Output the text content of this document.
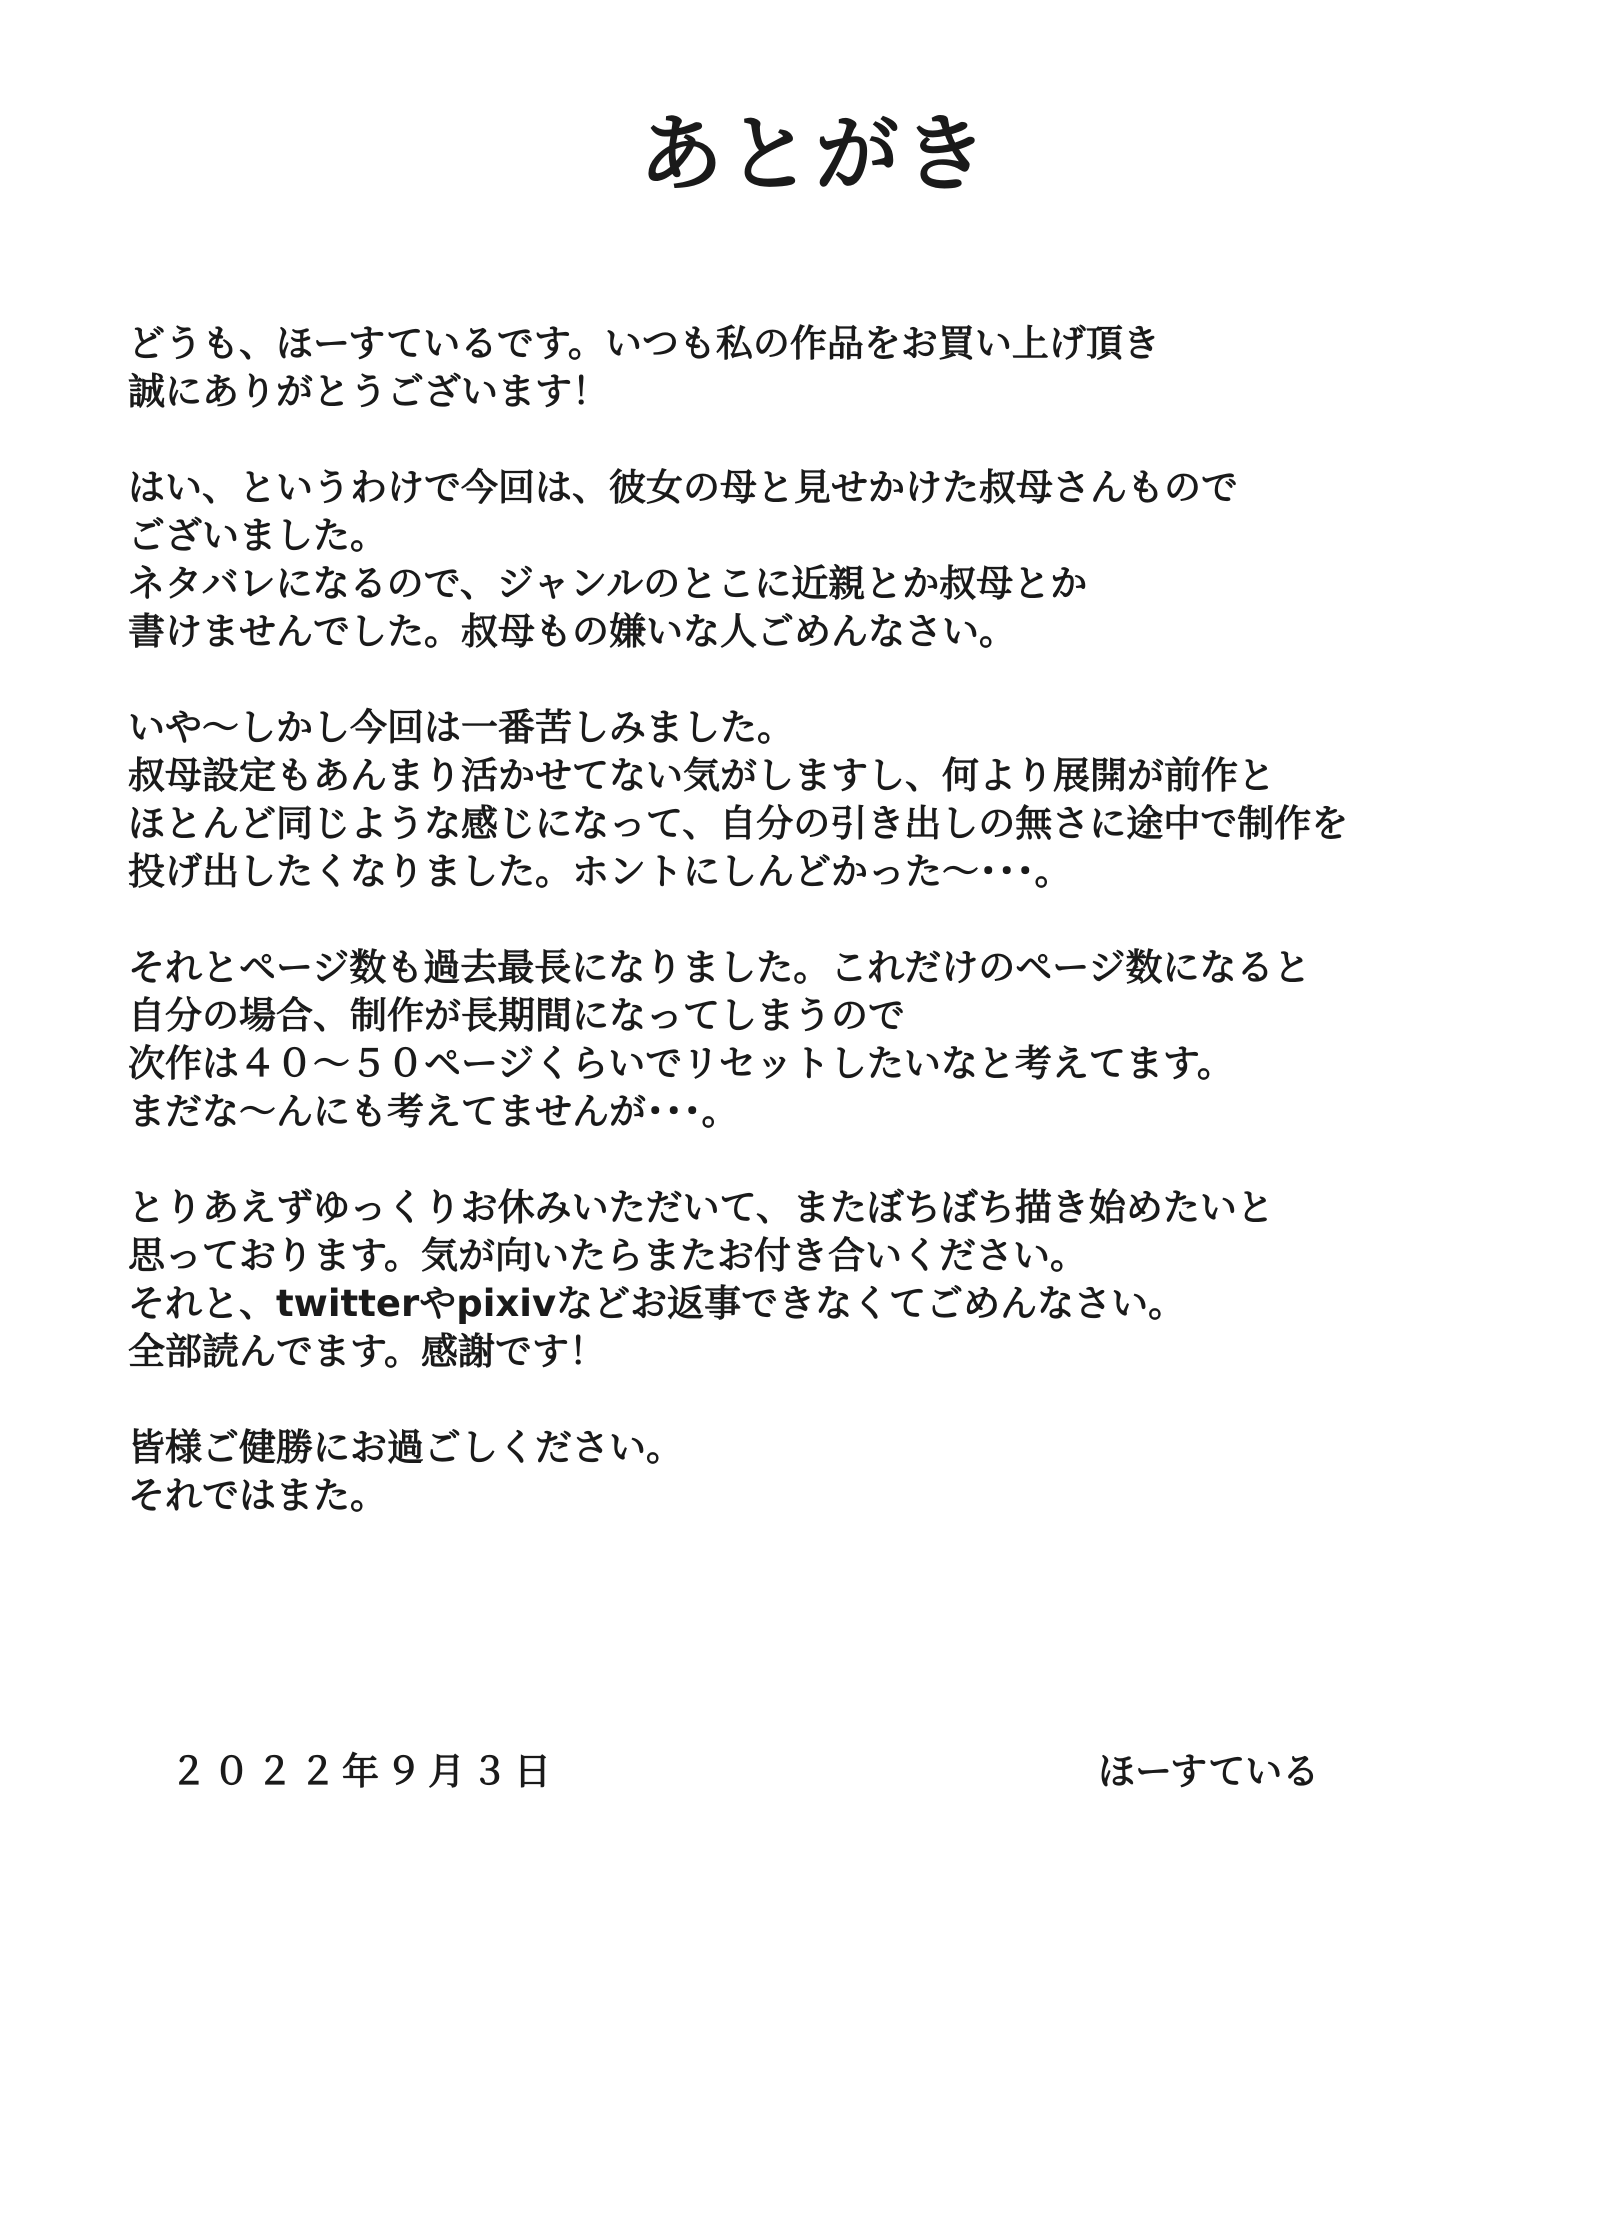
あとがき

どうも、ほーすているです。いつも私の作品をお買い上げ頂き
誠にありがとうございます！

はい、というわけで今回は、彼女の母と見せかけた叔母さんもので
ございました。
ネタバレになるので、ジャンルのとこに近親とか叔母とか
書けませんでした。叔母もの嫌いな人ごめんなさい。

いや～しかし今回は一番苦しみました。
叔母設定もあんまり活かせてない気がしますし、何より展開が前作と
ほとんど同じような感じになって、自分の引き出しの無さに途中で制作を
投げ出したくなりました。ホントにしんどかった～･･･。

それとページ数も過去最長になりました。これだけのページ数になると
自分の場合、制作が長期間になってしまうので
次作は４０～５０ページくらいでリセットしたいなと考えてます。
まだな～んにも考えてませんが･･･。

とりあえずゆっくりお休みいただいて、またぼちぼち描き始めたいと
思っております。気が向いたらまたお付き合いください。
それと、twitterやpixivなどお返事できなくてごめんなさい。
全部読んでます。感謝です！

皆様ご健勝にお過ごしください。
それではまた。

２０２２年９月３日	ほーすている
